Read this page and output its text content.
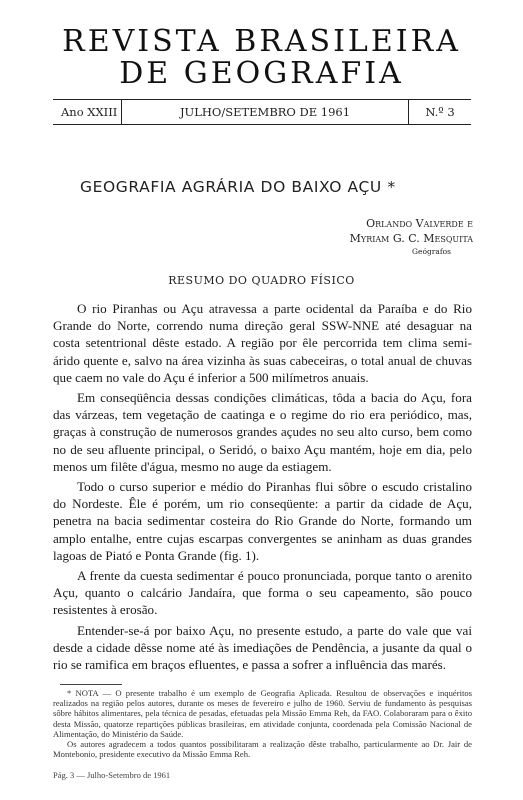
REVISTA BRASILEIRA
DE GEOGRAFIA
Ano XXIII	JULHO/SETEMBRO DE 1961	N.º 3
GEOGRAFIA AGRÁRIA DO BAIXO AÇU *
Orlando Valverde e
Myriam G. C. Mesquita
Geógrafos
RESUMO DO QUADRO FÍSICO

O rio Piranhas ou Açu atravessa a parte ocidental da Paraíba e do Rio Grande do Norte, correndo numa direção geral SSW-NNE até desaguar na costa setentrional dêste estado. A região por êle percorrida tem clima semi-árido quente e, salvo na área vizinha às suas cabeceiras, o total anual de chuvas que caem no vale do Açu é inferior a 500 milímetros anuais.

Em conseqüência dessas condições climáticas, tôda a bacia do Açu, fora das várzeas, tem vegetação de caatinga e o regime do rio era periódico, mas, graças à construção de numerosos grandes açudes no seu alto curso, bem como no de seu afluente principal, o Seridó, o baixo Açu mantém, hoje em dia, pelo menos um filête d'água, mesmo no auge da estiagem.

Todo o curso superior e médio do Piranhas flui sôbre o escudo cristalino do Nordeste. Êle é porém, um rio conseqüente: a partir da cidade de Açu, penetra na bacia sedimentar costeira do Rio Grande do Norte, formando um amplo entalhe, entre cujas escarpas convergentes se aninham as duas grandes lagoas de Piató e Ponta Grande (fig. 1).

A frente da cuesta sedimentar é pouco pronunciada, porque tanto o arenito Açu, quanto o calcário Jandaíra, que forma o seu capeamento, são pouco resistentes à erosão.

Entender-se-á por baixo Açu, no presente estudo, a parte do vale que vai desde a cidade dêsse nome até às imediações de Pendência, a jusante da qual o rio se ramifica em braços efluentes, e passa a sofrer a influência das marés.

* NOTA — O presente trabalho é um exemplo de Geografia Aplicada. Resultou de observações e inquéritos realizados na região pelos autores, durante os meses de fevereiro e julho de 1960. Serviu de fundamento às pesquisas sôbre hábitos alimentares, pela técnica de pesadas, efetuadas pela Missão Emma Reh, da FAO. Colaboraram para o êxito desta Missão, quatorze repartições públicas brasileiras, em atividade conjunta, coordenada pela Comissão Nacional de Alimentação, do Ministério da Saúde.

Os autores agradecem a todos quantos possibilitaram a realização dêste trabalho, particularmente ao Dr. Jair de Montebonio, presidente executivo da Missão Emma Reh.

Pág. 3 — Julho-Setembro de 1961
